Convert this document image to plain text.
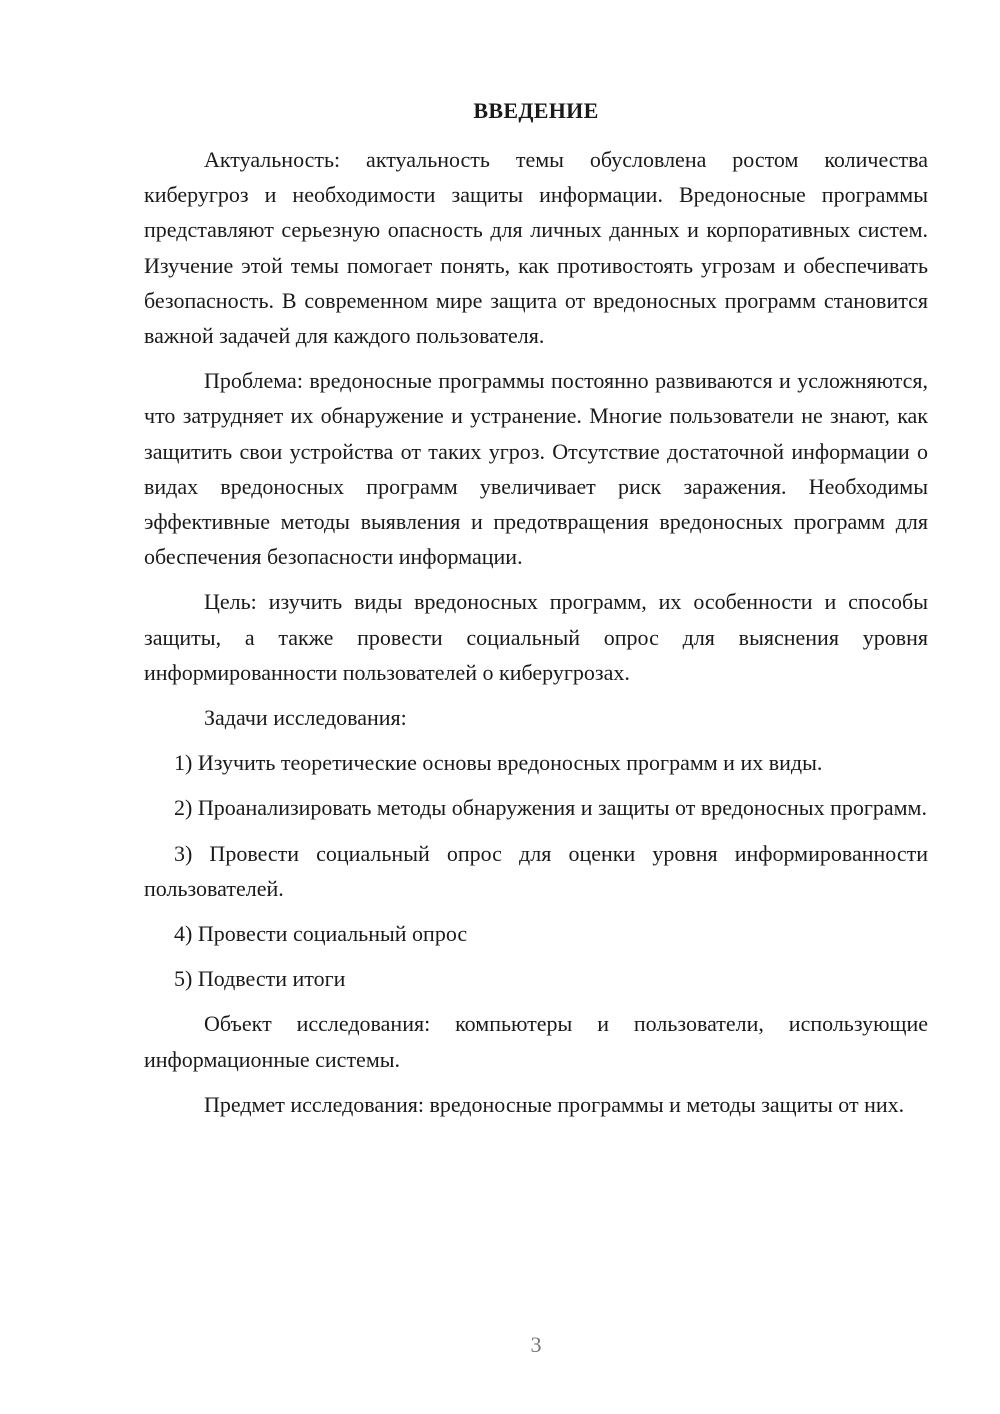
ВВЕДЕНИЕ

Актуальность: актуальность темы обусловлена ростом количества киберугроз и необходимости защиты информации. Вредоносные программы представляют серьезную опасность для личных данных и корпоративных систем. Изучение этой темы помогает понять, как противостоять угрозам и обеспечивать безопасность. В современном мире защита от вредоносных программ становится важной задачей для каждого пользователя.

Проблема: вредоносные программы постоянно развиваются и усложняются, что затрудняет их обнаружение и устранение. Многие пользователи не знают, как защитить свои устройства от таких угроз. Отсутствие достаточной информации о видах вредоносных программ увеличивает риск заражения. Необходимы эффективные методы выявления и предотвращения вредоносных программ для обеспечения безопасности информации.

Цель: изучить виды вредоносных программ, их особенности и способы защиты, а также провести социальный опрос для выяснения уровня информированности пользователей о киберугрозах.

Задачи исследования:

1) Изучить теоретические основы вредоносных программ и их виды.

2) Проанализировать методы обнаружения и защиты от вредоносных программ.

3) Провести социальный опрос для оценки уровня информированности пользователей.

4) Провести социальный опрос

5) Подвести итоги

Объект исследования: компьютеры и пользователи, использующие информационные системы.

Предмет исследования: вредоносные программы и методы защиты от них.

3
